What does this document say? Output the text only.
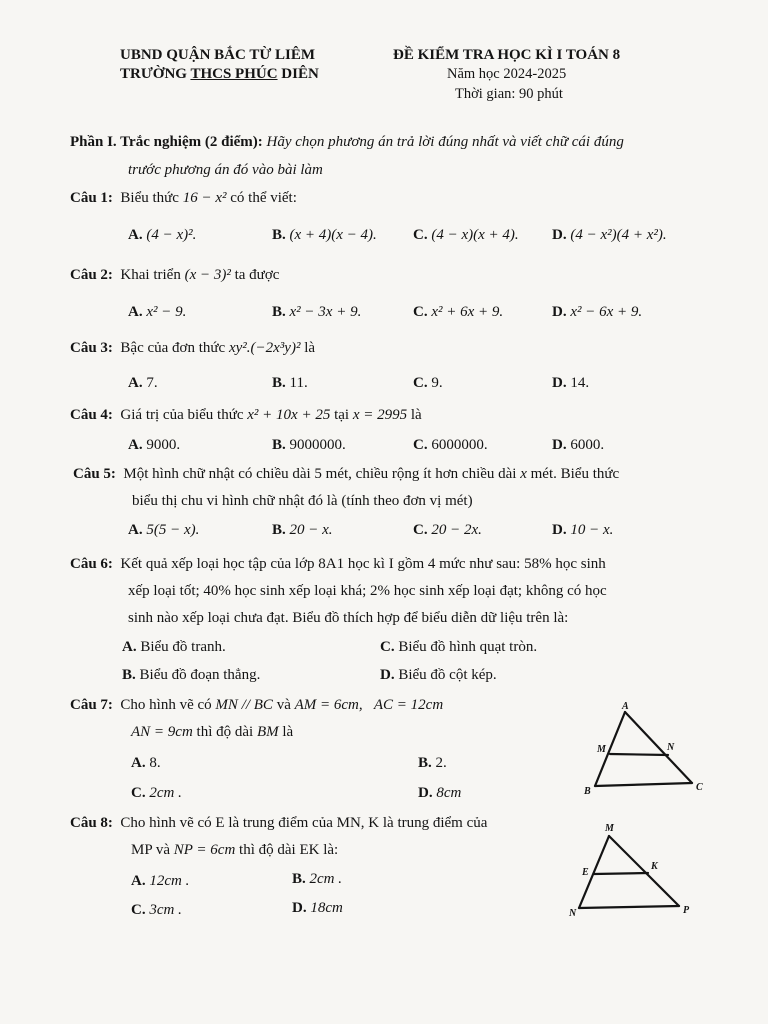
UBND QUẬN BẮC TỪ LIÊM
TRƯỜNG THCS PHÚC DIÊN
ĐỀ KIỂM TRA HỌC KÌ I TOÁN 8
Năm học 2024-2025
Thời gian: 90 phút
Phần I. Trắc nghiệm (2 điểm): Hãy chọn phương án trả lời đúng nhất và viết chữ cái đúng
trước phương án đó vào bài làm
Câu 1: Biểu thức 16 − x² có thể viết:
A. (4 − x)².	B. (x + 4)(x − 4). C. (4 − x)(x + 4). D. (4 − x²)(4 + x²).
Câu 2: Khai triển (x − 3)² ta được
A. x² − 9.	B. x² − 3x + 9.	C. x² + 6x + 9.	D. x² − 6x + 9.
Câu 3: Bậc của đơn thức xy².(−2x³y)² là
A. 7.	B. 11.	C. 9.	D. 14.
Câu 4: Giá trị của biểu thức x² + 10x + 25 tại x = 2995 là
A. 9000.	B. 9000000.	C. 6000000.	D. 6000.
Câu 5: Một hình chữ nhật có chiều dài 5 mét, chiều rộng ít hơn chiều dài x mét. Biểu thức
biểu thị chu vi hình chữ nhật đó là (tính theo đơn vị mét)
A. 5(5 − x).	B. 20 − x.	C. 20 − 2x.	D. 10 − x.
Câu 6: Kết quả xếp loại học tập của lớp 8A1 học kì I gồm 4 mức như sau: 58% học sinh
xếp loại tốt; 40% học sinh xếp loại khá; 2% học sinh xếp loại đạt; không có học
sinh nào xếp loại chưa đạt. Biểu đồ thích hợp để biểu diễn dữ liệu trên là:
A. Biểu đồ tranh.	C. Biểu đồ hình quạt tròn.
B. Biểu đồ đoạn thẳng.	D. Biểu đồ cột kép.
Câu 7: Cho hình vẽ có MN // BC và AM = 6cm, AC = 12cm
AN = 9cm thì độ dài BM là
A. 8.	B. 2.
C. 2cm .	D. 8cm
A
M	N
B	C
Câu 8: Cho hình vẽ có E là trung điểm của MN, K là trung điểm của
MP và NP = 6cm thì độ dài EK là:
A. 12cm .	B. 2cm .
C. 3cm .	D. 18cm
M
E
K
N	P
